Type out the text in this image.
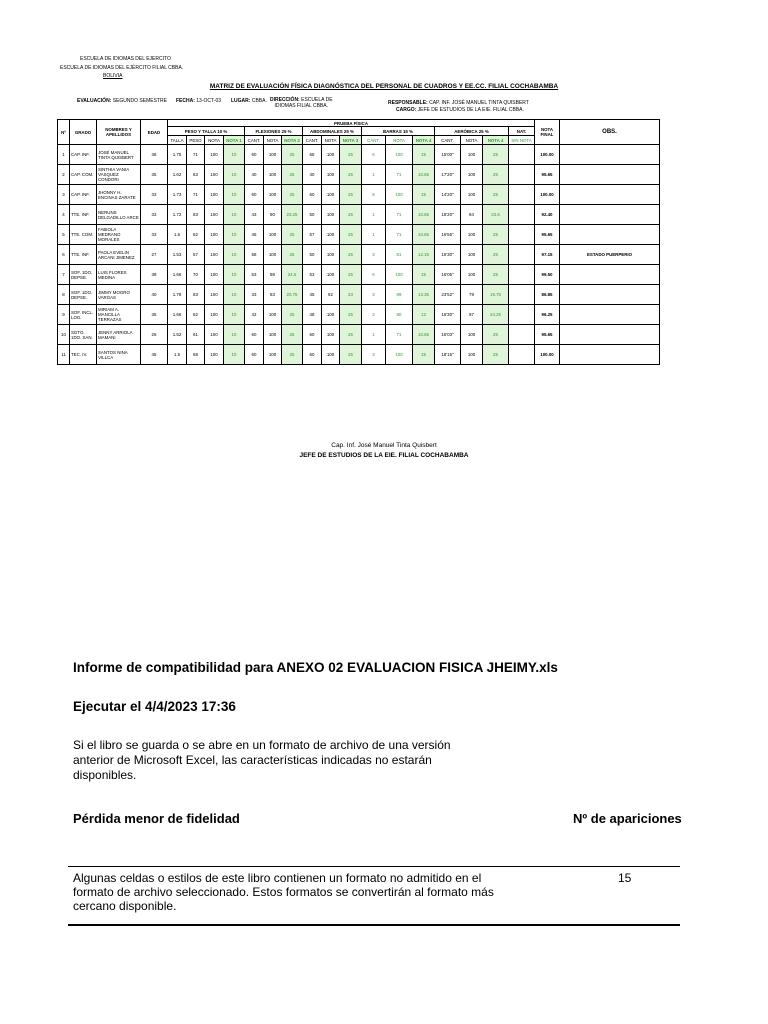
ESCUELA DE IDIOMAS DEL EJERCITO
ESCUELA DE IDIOMAS DEL EJÉRCITO FILIAL CBBA.
BOLIVIA
MATRIZ DE EVALUACIÓN FÍSICA DIAGNÓSTICA DEL PERSONAL DE CUADROS Y EE.CC. FILIAL COCHABAMBA
EVALUACIÓN: SEGUNDO SEMESTRE FECHA: 13-OCT-03 LUGAR: CBBA. DIRECCIÓN: ESCUELA DE
IDIOMAS FILIAL CBBA.	RESPONSABLE: CAP. INF. JOSÉ MANUEL TINTA QUISBERT
CARGO: JEFE DE ESTUDIOS DE LA EIE. FILIAL CBBA.
Nº	GRADO	NOMBRES Y APELLIDOS	EDAD	PRUEBA FÍSICA																	NOTA FINAL	OBS.
				PESO Y TALLA 10 %				FLEXIONES 25 %			ABDOMINALES 25 %			BARRAS 15 %			AERÓBICA 25 %			NAT.		
				TALLA	PESO	NOTA	NOTA 1	CANT.	NOTA	NOTA 2	CANT.	NOTA	NOTA 3	CANT.	NOTA	NOTA 4	CANT.	NOTA	NOTA 4	SIN NOTA		
1	CAP. INF.	JOSÉ MANUEL TINTA QUISBERT	36	1.75	71	100	10	60	100	25	65	100	25	6	100	15	15'00"	100	25		100.00	
2	CAP. COM.	SINTHIA VANIA VASQUEZ CONDORI	35	1.62	63	100	10	40	100	25	40	100	25	1	71	10.65	17'20"	100	25		95.65	
3	CAP. INF.	JHONNY H. ENCINAS ZARATE	33	1.73	71	100	10	60	100	25	60	100	25	8	100	15	14'20"	100	25		100.00	
4	TTE. INF.	NERUNS DELGADILLO ARCE	33	1.72	83	100	10	43	90	23.25	50	100	25	1	71	10.65	18'20"	94	23.5		92.40	
5	TTE. COM.	FABIOLA MEDRANO MORALES	33	1.6	62	100	10	45	100	25	57	100	25	1	71	10.65	16'55"	100	25		95.65	
6	TTE. INF.	PAOLA EVELIN ARCANI JIMENEZ	27	1.53	57	100	10	58	100	25	50	100	25	3	81	12.15	16'30"	100	25		97.15	ESTADO PUERPERIO
7	SOF. 1DO. DEPSE.	LUIS FLORES MEDINA	39	1.66	70	100	10	53	98	24.5	53	100	25	6	100	15	16'05"	100	25		99.50	
8	SOF. 1DO. DEPSE.	JIMMY MOGRO VARGAS	40	1.78	83	100	10	33	83	20.75	45	92	23	3	89	13.35	23'52"	79	19.75		86.85	
9	SOF. INCL. LOG.	MIRIAM A. MANCILLA TERRAZAS	35	1.66	62	100	10	42	100	25	48	100	25	2	80	12	16'30"	97	24.25		96.25	
10	SGTO. 1DO. SAN.	JENNY ARRIOLA MAMANI	26	1.52	61	100	10	60	100	25	60	100	25	1	71	10.65	16'03"	100	25		95.65	
11	TEC. IV.	SANTOS NINA VILLCA	45	1.5	58	100	10	60	100	25	60	100	25	3	100	15	18'15"	100	25		100.00	
Cap. Inf. José Manuel Tinta Quisbert
JEFE DE ESTUDIOS DE LA EIE. FILIAL COCHABAMBA
Informe de compatibilidad para ANEXO 02 EVALUACION FISICA JHEIMY.xls
Ejecutar el 4/4/2023 17:36
Si el libro se guarda o se abre en un formato de archivo de una versión anterior de Microsoft Excel, las características indicadas no estarán disponibles.
Pérdida menor de fidelidad	Nº de apariciones
Algunas celdas o estilos de este libro contienen un formato no admitido en el formato de archivo seleccionado. Estos formatos se convertirán al formato más cercano disponible.
15
